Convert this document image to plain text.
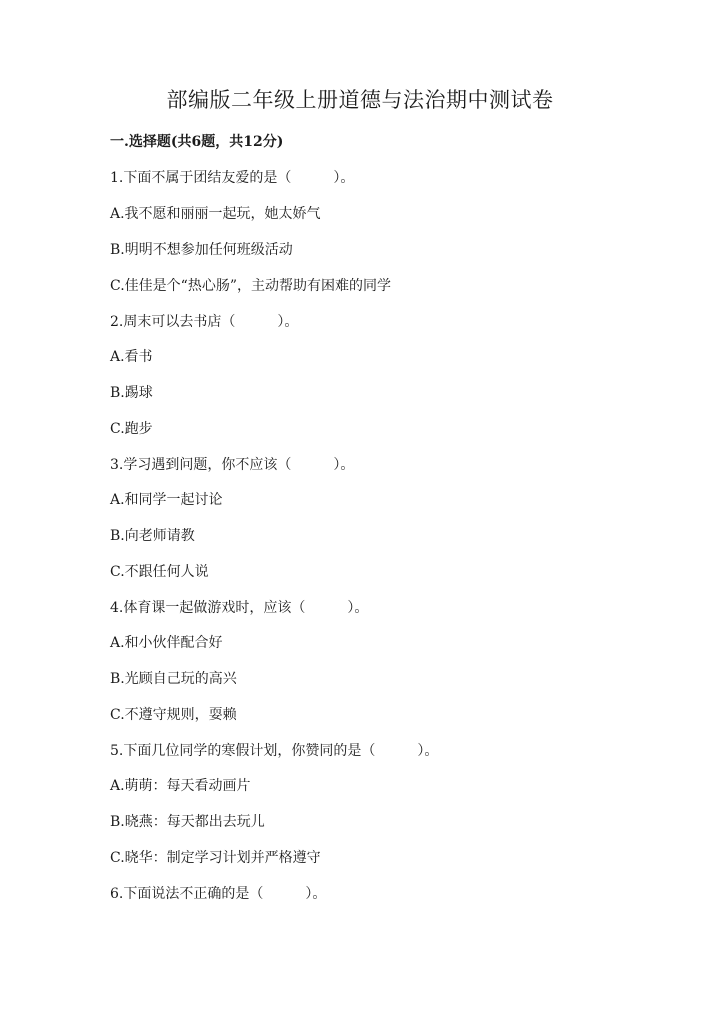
部编版二年级上册道德与法治期中测试卷
一.选择题(共6题，共12分)
1.下面不属于团结友爱的是（　　　）。
A.我不愿和丽丽一起玩，她太娇气
B.明明不想参加任何班级活动
C.佳佳是个“热心肠”，主动帮助有困难的同学
2.周末可以去书店（　　　）。
A.看书
B.踢球
C.跑步
3.学习遇到问题，你不应该（　　　）。
A.和同学一起讨论
B.向老师请教
C.不跟任何人说
4.体育课一起做游戏时，应该（　　　）。
A.和小伙伴配合好
B.光顾自己玩的高兴
C.不遵守规则，耍赖
5.下面几位同学的寒假计划，你赞同的是（　　　）。
A.萌萌：每天看动画片
B.晓燕：每天都出去玩儿
C.晓华：制定学习计划并严格遵守
6.下面说法不正确的是（　　　）。
